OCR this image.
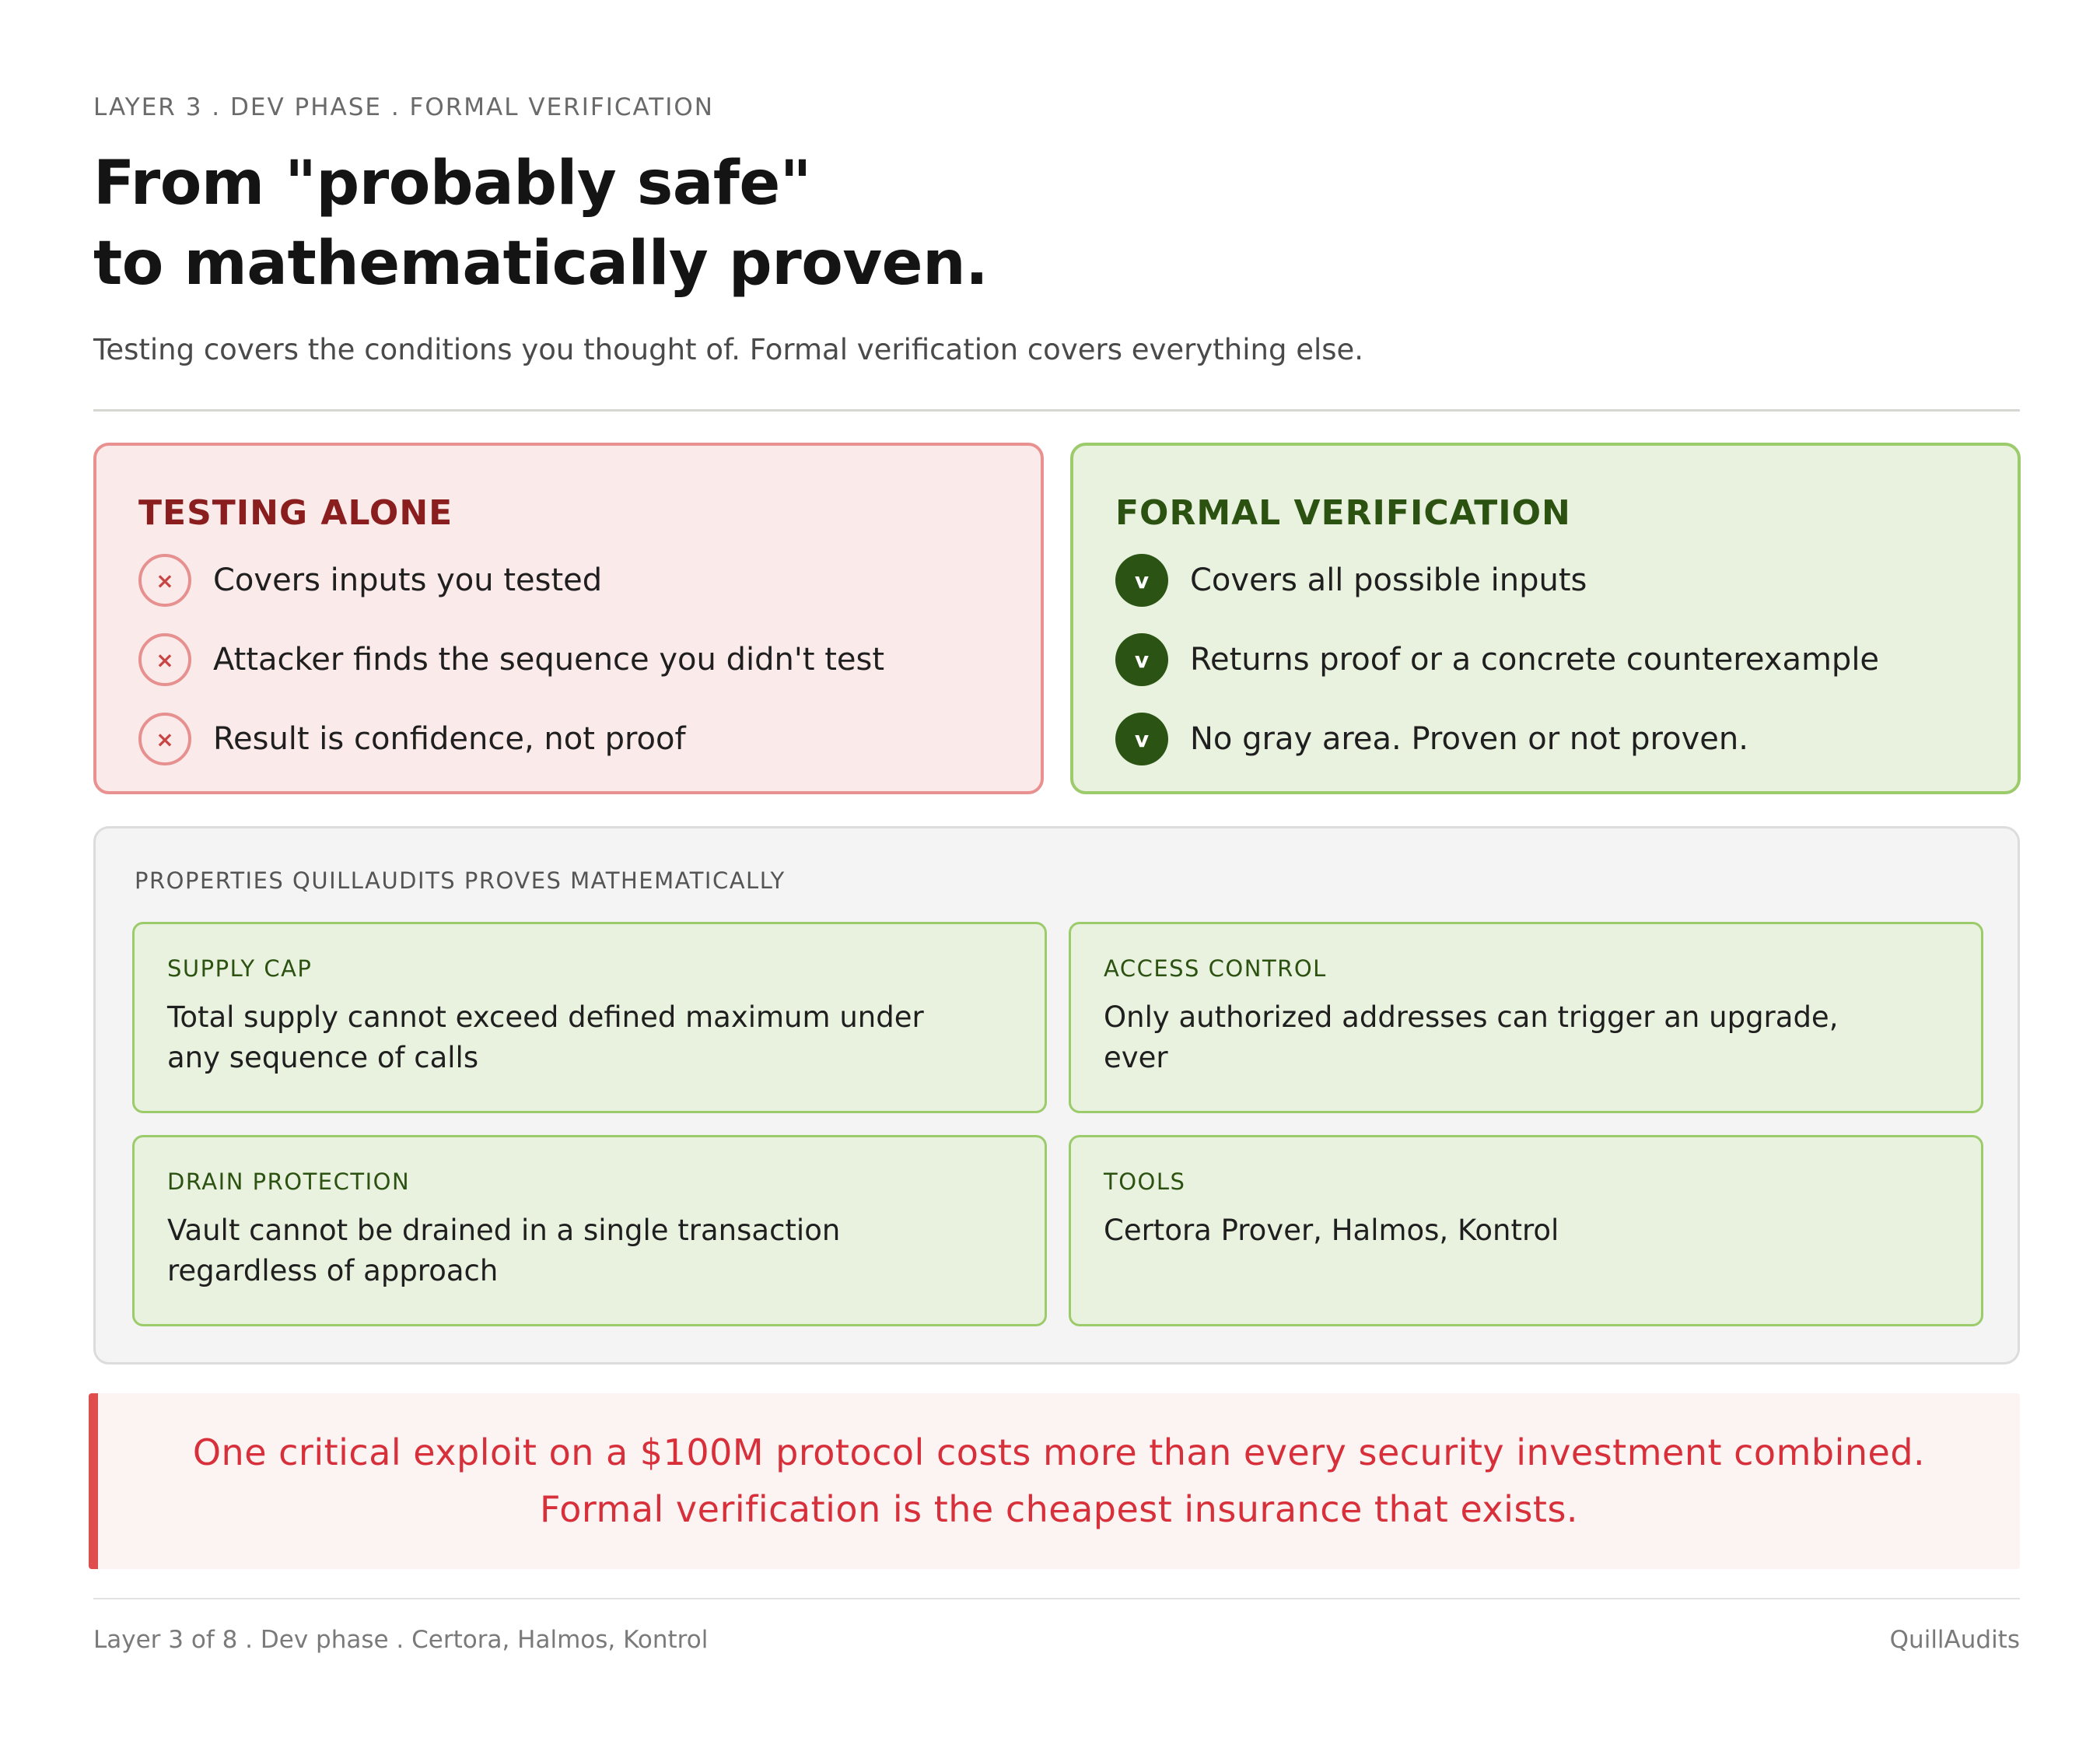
LAYER 3 . DEV PHASE . FORMAL VERIFICATION
From "probably safe"
to mathematically proven.
Testing covers the conditions you thought of. Formal verification covers everything else.
TESTING ALONE
×	Covers inputs you tested
×	Attacker finds the sequence you didn't test
×	Result is confidence, not proof
FORMAL VERIFICATION
v	Covers all possible inputs
v	Returns proof or a concrete counterexample
v	No gray area. Proven or not proven.
PROPERTIES QUILLAUDITS PROVES MATHEMATICALLY
SUPPLY CAP
Total supply cannot exceed defined maximum under any sequence of calls
ACCESS CONTROL
Only authorized addresses can trigger an upgrade, ever
DRAIN PROTECTION
Vault cannot be drained in a single transaction regardless of approach
TOOLS
Certora Prover, Halmos, Kontrol
One critical exploit on a $100M protocol costs more than every security investment combined.
Formal verification is the cheapest insurance that exists.
Layer 3 of 8 . Dev phase . Certora, Halmos, Kontrol	QuillAudits
